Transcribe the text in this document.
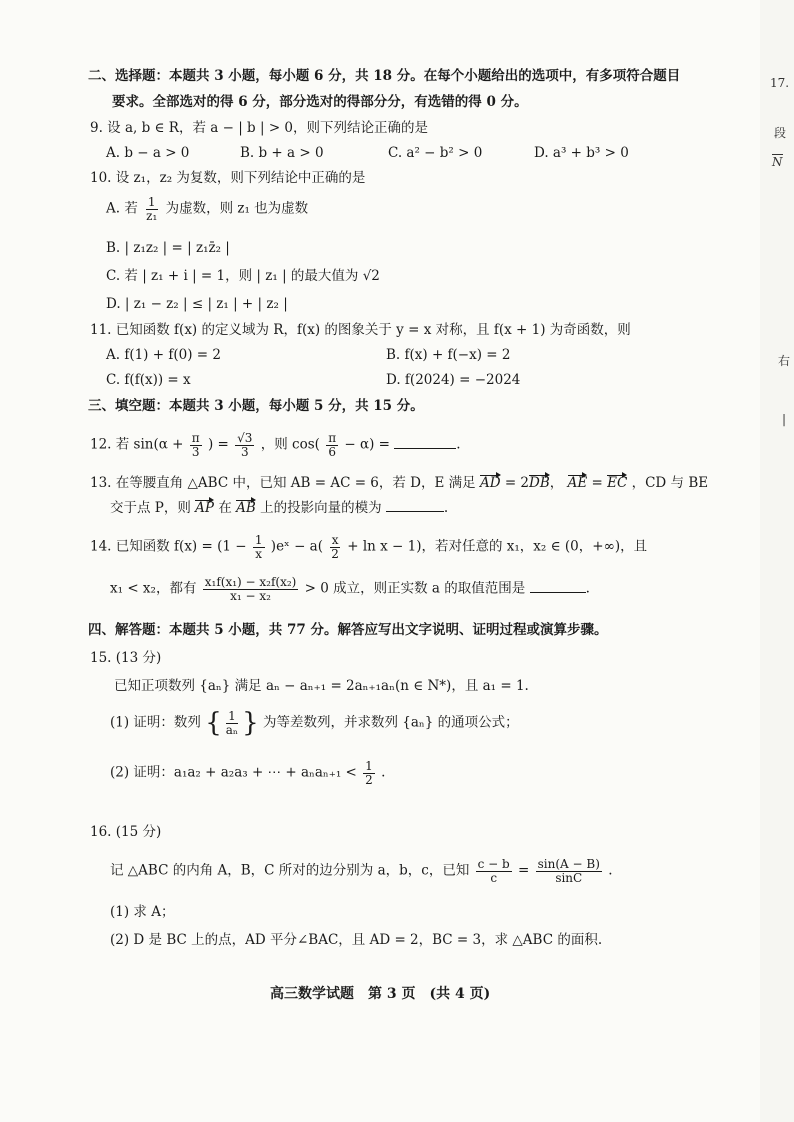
二、选择题：本题共 3 小题，每小题 6 分，共 18 分。在每个小题给出的选项中，有多项符合题目
要求。全部选对的得 6 分，部分选对的得部分分，有选错的得 0 分。
9. 设 a, b ∈ R，若 a − | b | > 0，则下列结论正确的是
A. b − a > 0	B. b + a > 0	C. a² − b² > 0	D. a³ + b³ > 0
10. 设 z₁，z₂ 为复数，则下列结论中正确的是
A. 若 $\frac{1}{\text{z₁}}$ 为虚数，则 z₁ 也为虚数
B. | z₁z₂ | = | z₁z̄₂ |
C. 若 | z₁ + i | = 1，则 | z₁ | 的最大值为 √2
D. | z₁ − z₂ | ≤ | z₁ | + | z₂ |
11. 已知函数 f(x) 的定义域为 R，f(x) 的图象关于 y = x 对称，且 f(x + 1) 为奇函数，则
A. f(1) + f(0) = 2	B. f(x) + f(−x) = 2
C. f(f(x)) = x	D. f(2024) = −2024
三、填空题：本题共 3 小题，每小题 5 分，共 15 分。
12. 若 $\sin(\alpha + \frac{\pi}{3}$ ) = $\frac{√3}{3}$ ，则 $\cos( \frac{\pi}{6} - \alpha)$ =	.
13. 在等腰直角 △ABC 中，已知 AB = AC = 6，若 D，E 满足 AD = 2DB， AE = EC ，CD 与 BE
交于点 P，则 AP 在 AB 上的投影向量的模为	.
14. 已知函数 $f(x) = (1 - \frac{1}{x}$ )eˣ − $a( \frac{x}{2} + \ln x - 1)$，若对任意的 x₁，x₂ ∈ (0，+∞)，且
x₁ < x₂，都有 $\frac{\text{x₁f(x₁) − x₂f(x₂)}}{\text{x₁ − x₂}} > 0$ 成立，则正实数 a 的取值范围是	.
四、解答题：本题共 5 小题，共 77 分。解答应写出文字说明、证明过程或演算步骤。
15. (13 分)
已知正项数列 {aₙ} 满足 aₙ − aₙ₊₁ = 2aₙ₊₁aₙ(n ∈ N*)，且 a₁ = 1.
(1) 证明：数列 { $\frac{1}{\text{aₙ}}$ } 为等差数列，并求数列 {aₙ} 的通项公式；
(2) 证明：a₁a₂ + a₂a₃ + ⋯ + $a_na_{n+1} < \frac{1}{2}$ .
16. (15 分)
记 △ABC 的内角 A，B，C 所对的边分别为 a，b，c，已知 $\frac{c - b}{c} = \frac{\sin(A - B)}{\sin C}$ .
(1) 求 A；
(2) D 是 BC 上的点，AD 平分∠BAC，且 AD = 2，BC = 3，求 △ABC 的面积.
高三数学试题　第 3 页　(共 4 页)
17.
段
N
右
|
